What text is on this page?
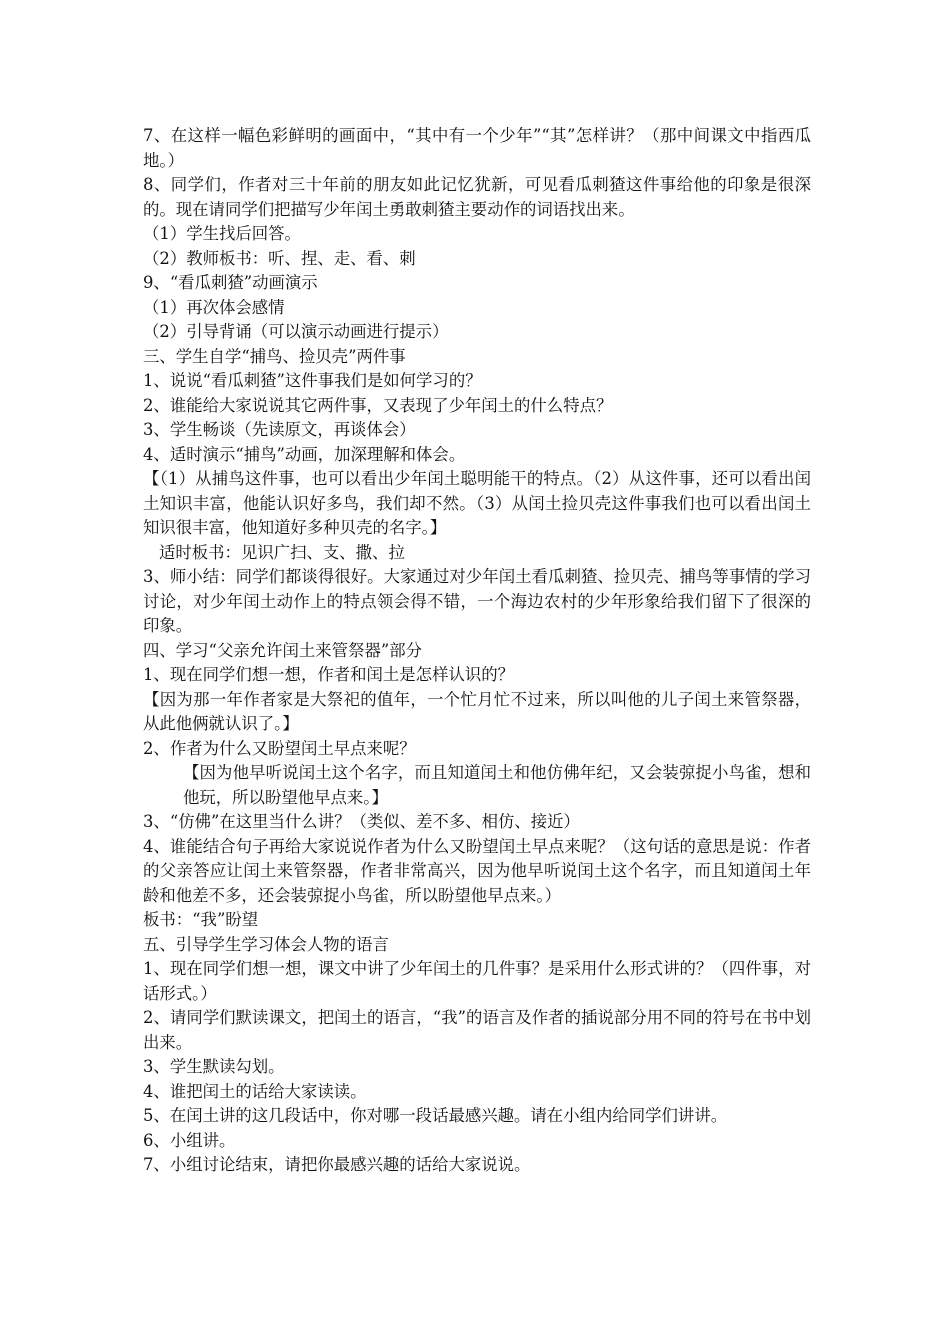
7、在这样一幅色彩鲜明的画面中，“其中有一个少年”“其”怎样讲？（那中间课文中指西瓜地。）

8、同学们，作者对三十年前的朋友如此记忆犹新，可见看瓜刺猹这件事给他的印象是很深的。现在请同学们把描写少年闰土勇敢刺猹主要动作的词语找出来。

（1）学生找后回答。

（2）教师板书：听、捏、走、看、刺

9、“看瓜刺猹”动画演示

（1）再次体会感情

（2）引导背诵（可以演示动画进行提示）

三、学生自学“捕鸟、捡贝壳”两件事

1、说说“看瓜刺猹”这件事我们是如何学习的？

2、谁能给大家说说其它两件事，又表现了少年闰土的什么特点？

3、学生畅谈（先读原文，再谈体会）

4、适时演示“捕鸟”动画，加深理解和体会。

【（1）从捕鸟这件事，也可以看出少年闰土聪明能干的特点。（2）从这件事，还可以看出闰土知识丰富，他能认识好多鸟，我们却不然。（3）从闰土捡贝壳这件事我们也可以看出闰土知识很丰富，他知道好多种贝壳的名字。】

适时板书：见识广扫、支、撒、拉

3、师小结：同学们都谈得很好。大家通过对少年闰土看瓜刺猹、捡贝壳、捕鸟等事情的学习讨论，对少年闰土动作上的特点领会得不错，一个海边农村的少年形象给我们留下了很深的印象。

四、学习“父亲允许闰土来管祭器”部分

1、现在同学们想一想，作者和闰土是怎样认识的？

【因为那一年作者家是大祭祀的值年，一个忙月忙不过来，所以叫他的儿子闰土来管祭器，从此他俩就认识了。】

2、作者为什么又盼望闰土早点来呢？

【因为他早听说闰土这个名字，而且知道闰土和他仿佛年纪，又会装弶捉小鸟雀，想和他玩，所以盼望他早点来。】

3、“仿佛”在这里当什么讲？（类似、差不多、相仿、接近）

4、谁能结合句子再给大家说说作者为什么又盼望闰土早点来呢？（这句话的意思是说：作者的父亲答应让闰土来管祭器，作者非常高兴，因为他早听说闰土这个名字，而且知道闰土年龄和他差不多，还会装弶捉小鸟雀，所以盼望他早点来。）

板书：“我”盼望

五、引导学生学习体会人物的语言

1、现在同学们想一想，课文中讲了少年闰土的几件事？是采用什么形式讲的？（四件事，对话形式。）

2、请同学们默读课文，把闰土的语言，“我”的语言及作者的插说部分用不同的符号在书中划出来。

3、学生默读勾划。

4、谁把闰土的话给大家读读。

5、在闰土讲的这几段话中，你对哪一段话最感兴趣。请在小组内给同学们讲讲。

6、小组讲。

7、小组讨论结束，请把你最感兴趣的话给大家说说。
